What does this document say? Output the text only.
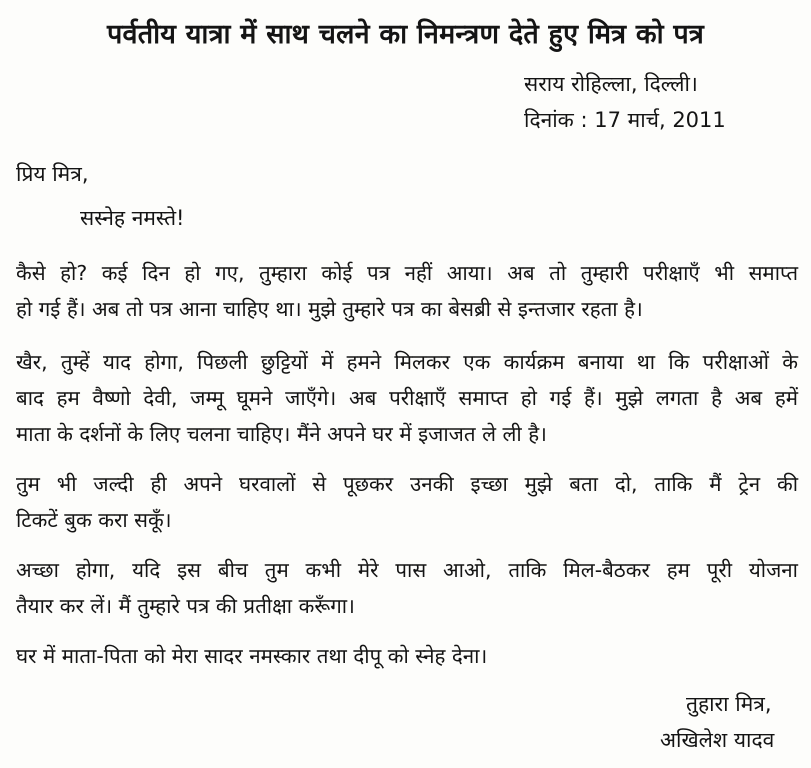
पर्वतीय यात्रा में साथ चलने का निमन्त्रण देते हुए मित्र को पत्र
सराय रोहिल्ला, दिल्ली।
दिनांक : 17 मार्च, 2011
प्रिय मित्र,
सस्नेह नमस्ते!
कैसे हो? कई दिन हो गए, तुम्हारा कोई पत्र नहीं आया। अब तो तुम्हारी परीक्षाएँ भी समाप्त
हो गई हैं। अब तो पत्र आना चाहिए था। मुझे तुम्हारे पत्र का बेसब्री से इन्तजार रहता है।
खैर, तुम्हें याद होगा, पिछली छुट्टियों में हमने मिलकर एक कार्यक्रम बनाया था कि परीक्षाओं के
बाद हम वैष्णो देवी, जम्मू घूमने जाएँगे। अब परीक्षाएँ समाप्त हो गई हैं। मुझे लगता है अब हमें
माता के दर्शनों के लिए चलना चाहिए। मैंने अपने घर में इजाजत ले ली है।
तुम भी जल्दी ही अपने घरवालों से पूछकर उनकी इच्छा मुझे बता दो, ताकि मैं ट्रेन की
टिकटें बुक करा सकूँ।
अच्छा होगा, यदि इस बीच तुम कभी मेरे पास आओ, ताकि मिल-बैठकर हम पूरी योजना
तैयार कर लें। मैं तुम्हारे पत्र की प्रतीक्षा करूँगा।
घर में माता-पिता को मेरा सादर नमस्कार तथा दीपू को स्नेह देना।
तुहारा मित्र,
अखिलेश यादव
